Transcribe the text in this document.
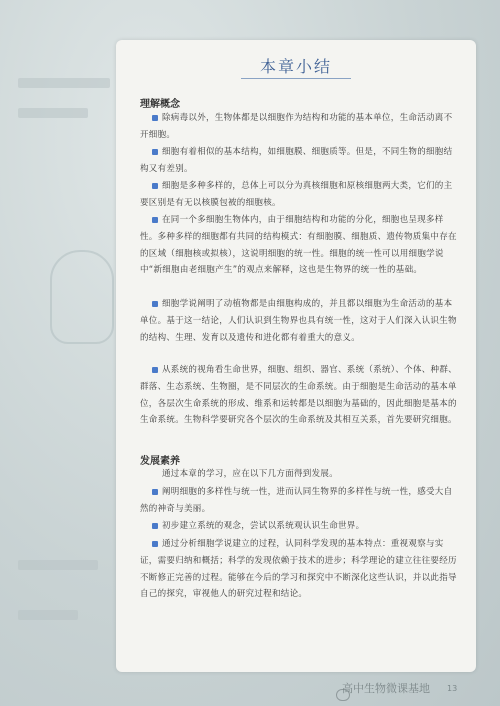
本章小结
理解概念
除病毒以外，生物体都是以细胞作为结构和功能的基本单位，生命活动离不开细胞。
细胞有着相似的基本结构，如细胞膜、细胞质等。但是，不同生物的细胞结构又有差别。
细胞是多种多样的，总体上可以分为真核细胞和原核细胞两大类，它们的主要区别是有无以核膜包被的细胞核。
在同一个多细胞生物体内，由于细胞结构和功能的分化，细胞也呈现多样性。多种多样的细胞都有共同的结构模式：有细胞膜、细胞质、遗传物质集中存在的区域（细胞核或拟核），这说明细胞的统一性。细胞的统一性可以用细胞学说中“新细胞由老细胞产生”的观点来解释，这也是生物界的统一性的基础。
细胞学说阐明了动植物都是由细胞构成的，并且都以细胞为生命活动的基本单位。基于这一结论，人们认识到生物界也具有统一性，这对于人们深入认识生物的结构、生理、发育以及遗传和进化都有着重大的意义。
从系统的视角看生命世界，细胞、组织、器官、系统（系统）、个体、种群、群落、生态系统、生物圈，是不同层次的生命系统。由于细胞是生命活动的基本单位，各层次生命系统的形成、维系和运转都是以细胞为基础的，因此细胞是基本的生命系统。生物科学要研究各个层次的生命系统及其相互关系，首先要研究细胞。
发展素养
通过本章的学习，应在以下几方面得到发展。
阐明细胞的多样性与统一性，进而认同生物界的多样性与统一性，感受大自然的神奇与美丽。
初步建立系统的观念，尝试以系统观认识生命世界。
通过分析细胞学说建立的过程，认同科学发现的基本特点：重视观察与实证，需要归纳和概括；科学的发现依赖于技术的进步；科学理论的建立往往要经历不断修正完善的过程。能够在今后的学习和探究中不断深化这些认识，并以此指导自己的探究，审视他人的研究过程和结论。
13
高中生物微课基地
